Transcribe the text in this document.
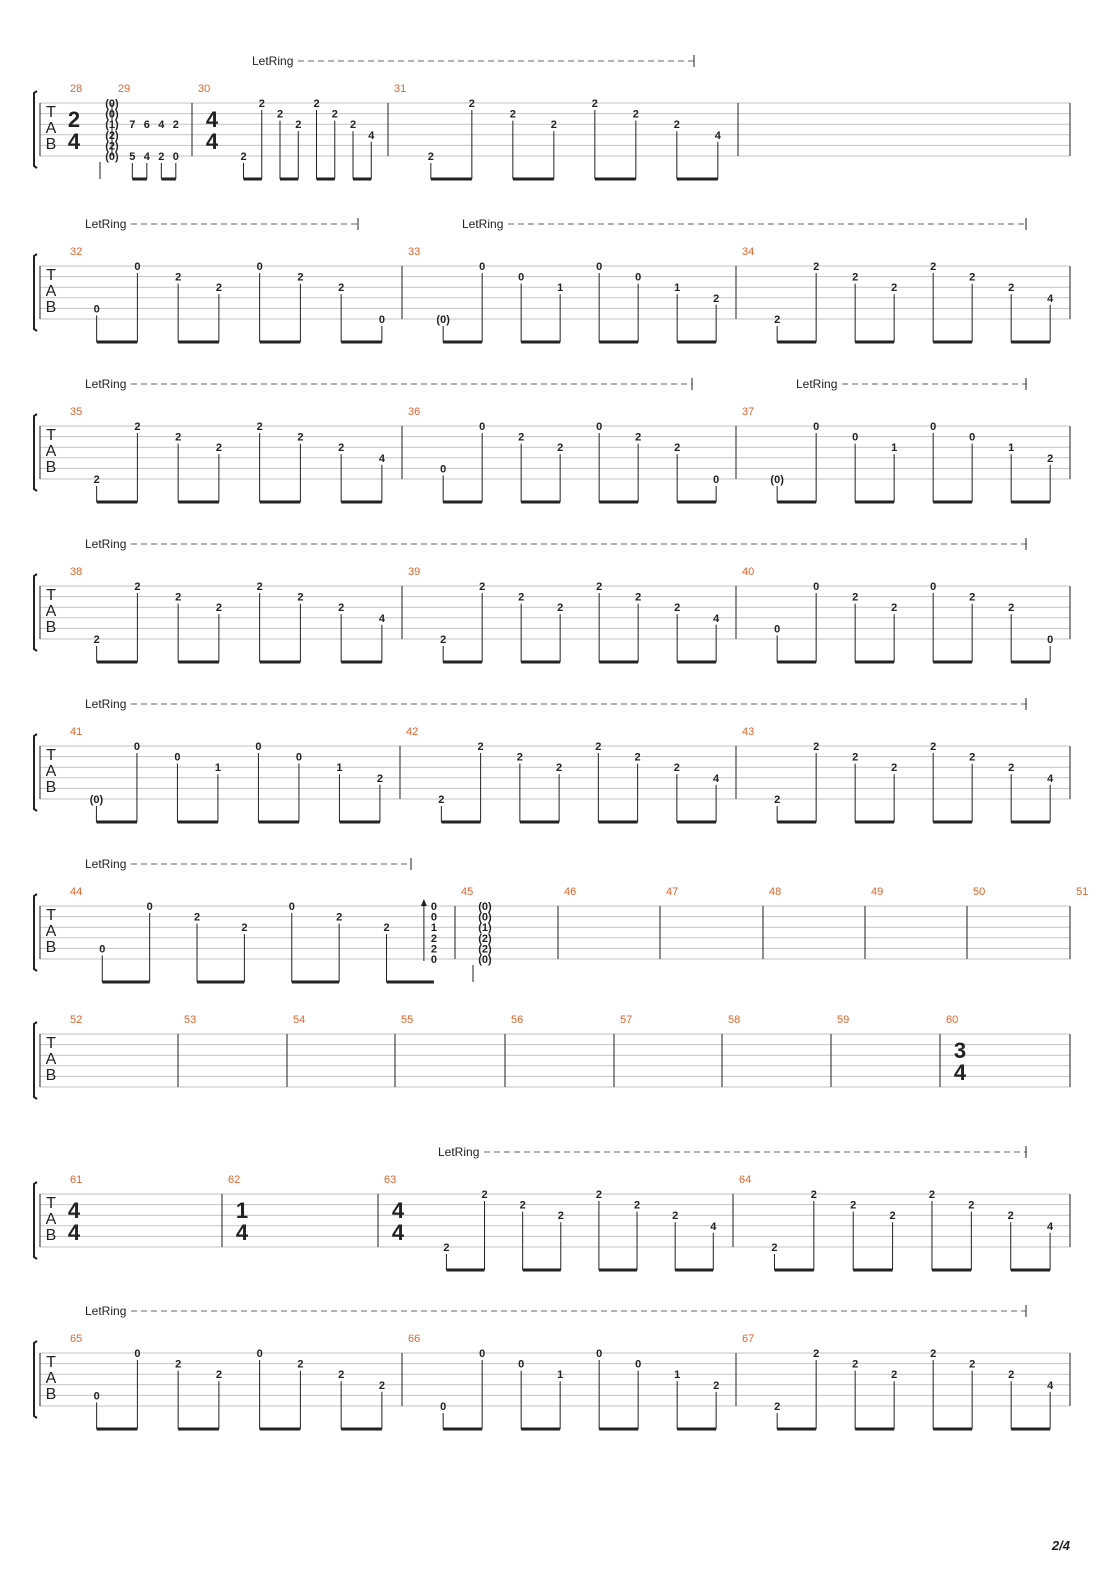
T
A
B
28
2
4
(0)
(0)
(1)
(2)
(2)
(0)
29
7
5
6
4
4
2
2
0
30
4
4
2
2
2
2
2
2
2
4
31
2
2
2
2
2
2
2
4
LetRing
T
A
B
32
0
0
2
2
0
2
2
0
33
(0)
0
0
1
0
0
1
2
34
2
2
2
2
2
2
2
4
LetRing	LetRing
T
A
B
35
2
2
2
2
2
2
2
4
36
0
0
2
2
0
2
2
0
37
(0)
0
0
1
0
0
1
2
LetRing	LetRing
T
A
B
38
2
2
2
2
2
2
2
4
39
2
2
2
2
2
2
2
4
40
0
0
2
2
0
2
2
0
LetRing
T
A
B
41
(0)
0
0
1
0
0
1
2
42
2
2
2
2
2
2
2
4
43
2
2
2
2
2
2
2
4
LetRing
T
A
B
44
0
0
2
2
0
2
2
0
0
1
2
2
0
45
(0)
(0)
(1)
(2)
(2)
(0)
46	47	48	49	50	51
LetRing
T
A
B
52	53	54	55	56	57	58	59	60
3
4
T
A
B
61
4
4
62
1
4
63
4
4
2
2
2
2
2
2
2
4
64
2
2
2
2
2
2
2
4
LetRing
T
A
B
65
0
0
2
2
0
2
2
2
66
0
0
0
1
0
0
1
2
67
2
2
2
2
2
2
2
4
LetRing
2/4
